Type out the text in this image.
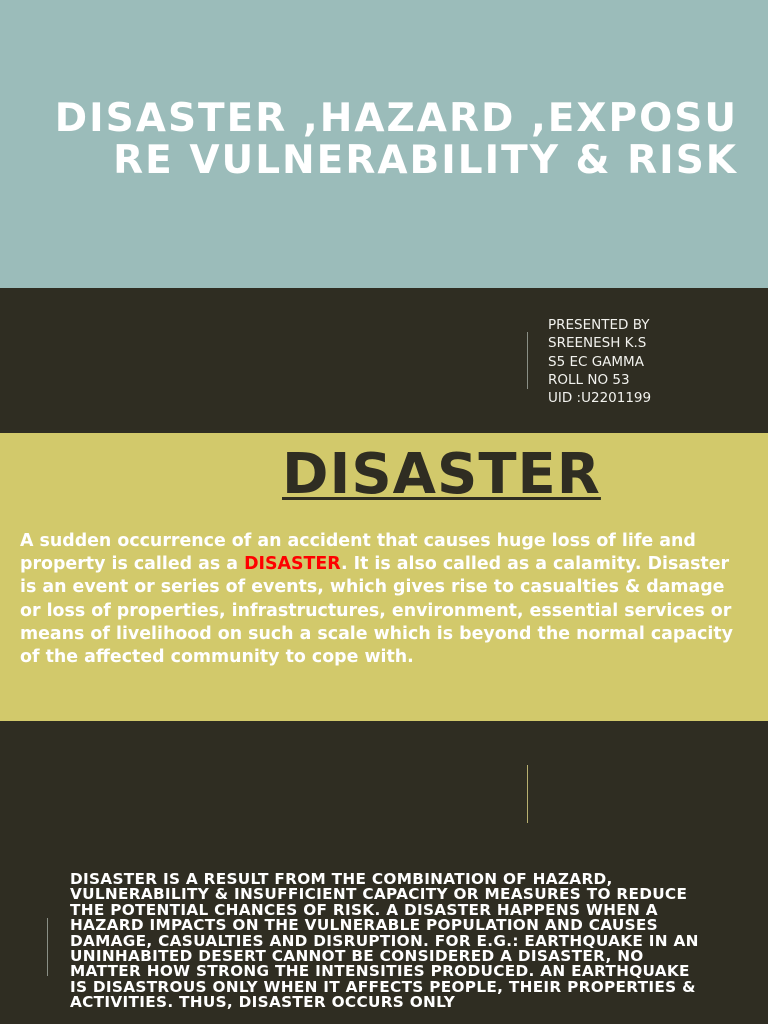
DISASTER ,HAZARD ,EXPOSU
RE VULNERABILITY & RISK
PRESENTED BY
SREENESH K.S
S5 EC GAMMA
ROLL NO 53
UID :U2201199
DISASTER
A sudden occurrence of an accident that causes huge loss of life and property is called as a DISASTER. It is also called as a calamity. Disaster is an event or series of events, which gives rise to casualties & damage or loss of properties, infrastructures, environment, essential services or means of livelihood on such a scale which is beyond the normal capacity of the affected community to cope with.
DISASTER IS A RESULT FROM THE COMBINATION OF HAZARD, VULNERABILITY & INSUFFICIENT CAPACITY OR MEASURES TO REDUCE THE POTENTIAL CHANCES OF RISK. A DISASTER HAPPENS WHEN A HAZARD IMPACTS ON THE VULNERABLE POPULATION AND CAUSES DAMAGE, CASUALTIES AND DISRUPTION. FOR E.G.: EARTHQUAKE IN AN UNINHABITED DESERT CANNOT BE CONSIDERED A DISASTER, NO MATTER HOW STRONG THE INTENSITIES PRODUCED. AN EARTHQUAKE IS DISASTROUS ONLY WHEN IT AFFECTS PEOPLE, THEIR PROPERTIES & ACTIVITIES. THUS, DISASTER OCCURS ONLY
